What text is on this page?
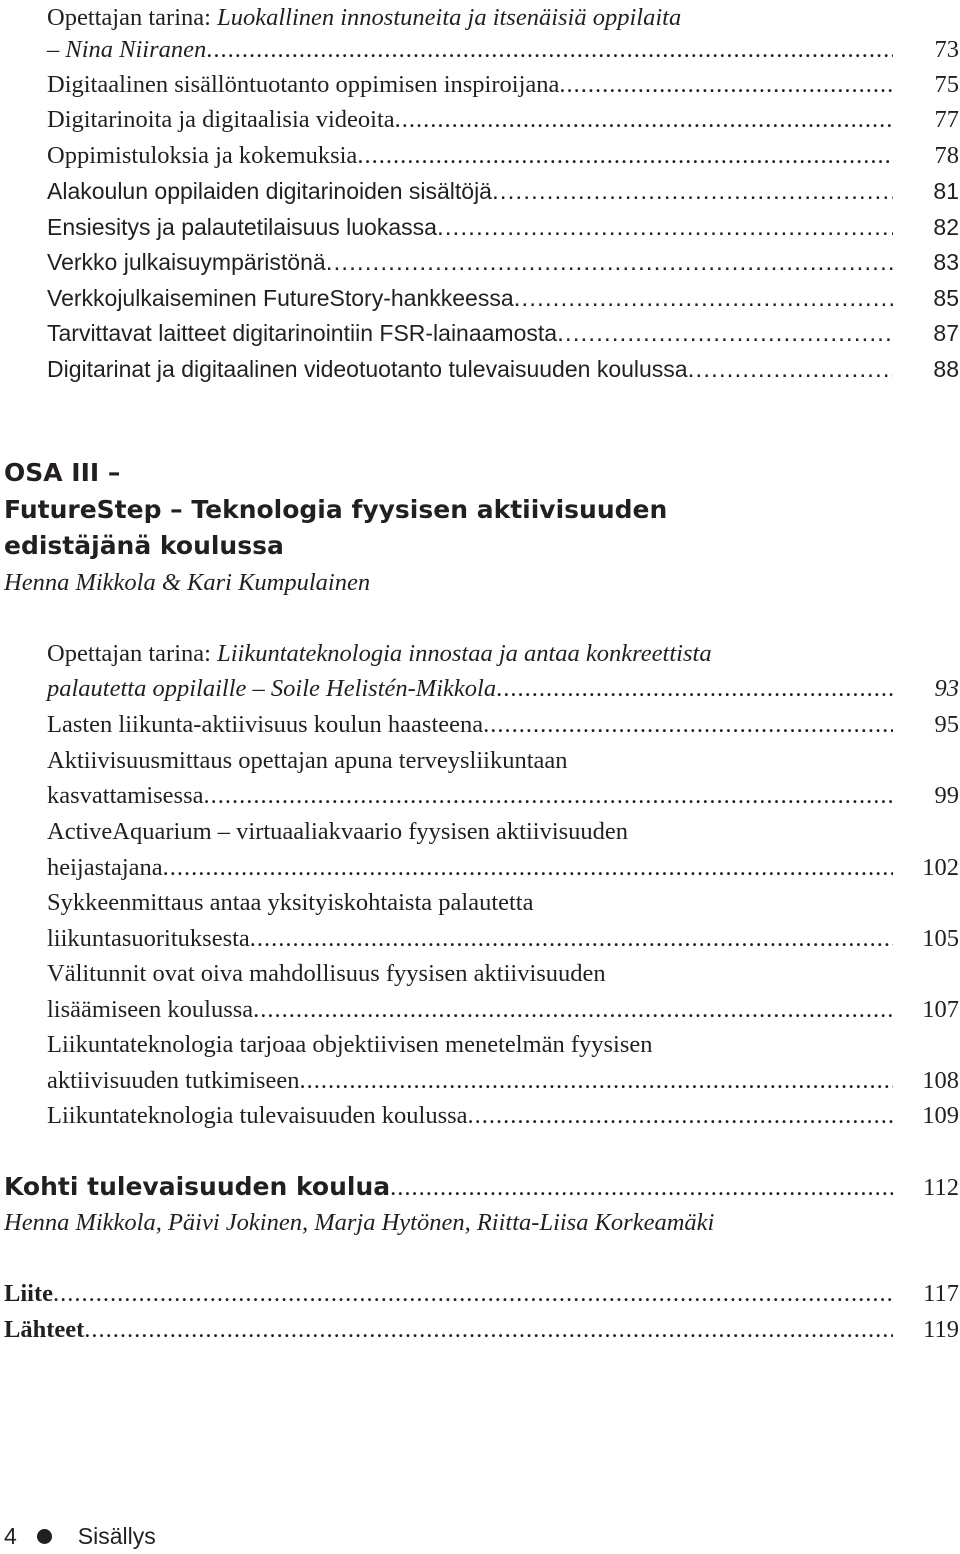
Opettajan tarina: Luokallinen innostuneita ja itsenäisiä oppilaita
– Nina Niiranen .....	73
Digitaalinen sisällöntuotanto oppimisen inspiroijana .....	75
Digitarinoita ja digitaalisia videoita .....	77
Oppimistuloksia ja kokemuksia .....	78
Alakoulun oppilaiden digitarinoiden sisältöjä .....	81
Ensiesitys ja palautetilaisuus luokassa .....	82
Verkko julkaisuympäristönä .....	83
Verkkojulkaiseminen FutureStory-hankkeessa .....	85
Tarvittavat laitteet digitarinointiin FSR-lainaamosta .....	87
Digitarinat ja digitaalinen videotuotanto tulevaisuuden koulussa .....	88
OSA III –
FutureStep – Teknologia fyysisen aktiivisuuden
edistäjänä koulussa
Henna Mikkola & Kari Kumpulainen
Opettajan tarina: Liikuntateknologia innostaa ja antaa konkreettista
palautetta oppilaille – Soile Helistén-Mikkola .....	93
Lasten liikunta-aktiivisuus koulun haasteena .....	95
Aktiivisuusmittaus opettajan apuna terveysliikuntaan
kasvattamisessa .....	99
ActiveAquarium – virtuaaliakvaario fyysisen aktiivisuuden
heijastajana .....	102
Sykkeenmittaus antaa yksityiskohtaista palautetta
liikuntasuorituksesta .....	105
Välitunnit ovat oiva mahdollisuus fyysisen aktiivisuuden
lisäämiseen koulussa .....	107
Liikuntateknologia tarjoaa objektiivisen menetelmän fyysisen
aktiivisuuden tutkimiseen .....	108
Liikuntateknologia tulevaisuuden koulussa .....	109
Kohti tulevaisuuden koulua .....	112
Henna Mikkola, Päivi Jokinen, Marja Hytönen, Riitta-Liisa Korkeamäki
Liite .....	117
Lähteet .....	119
4	Sisällys
